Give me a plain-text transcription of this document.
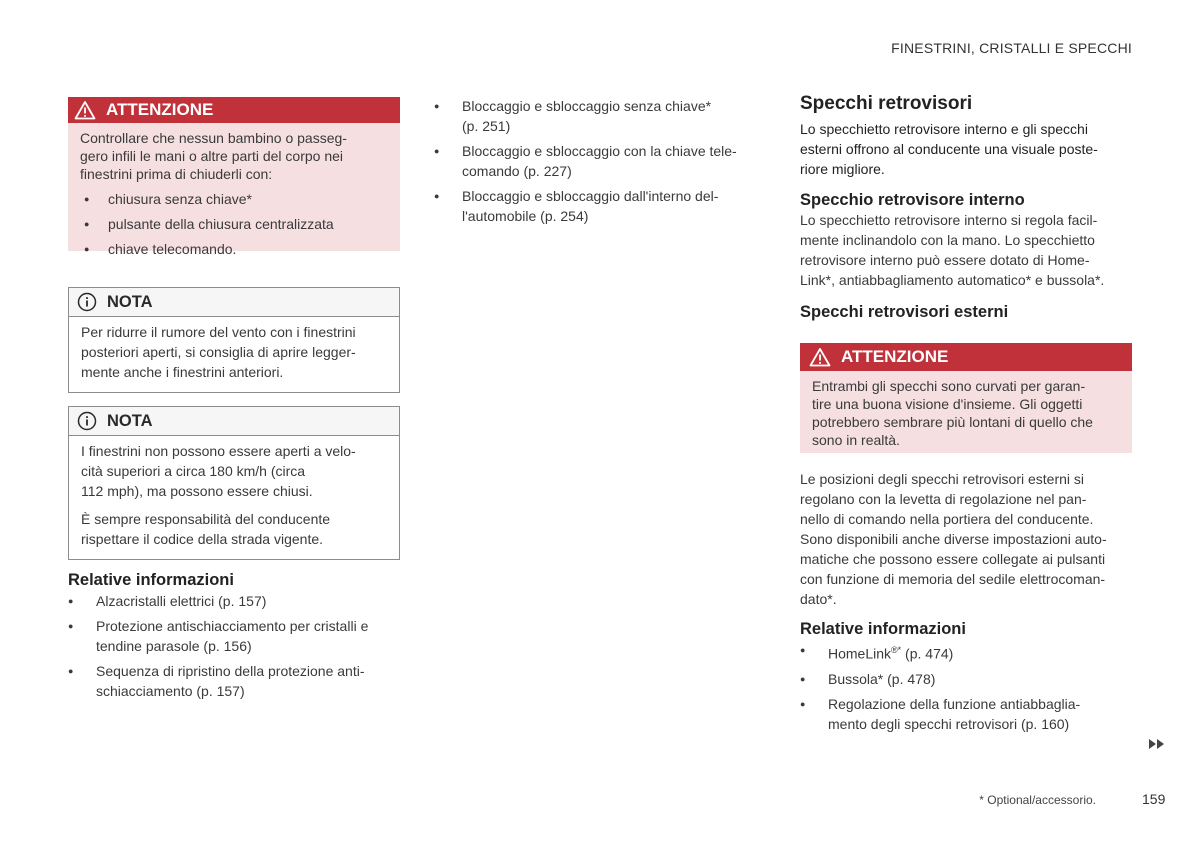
FINESTRINI, CRISTALLI E SPECCHI
ATTENZIONE
Controllare che nessun bambino o passeg-
gero infili le mani o altre parti del corpo nei
finestrini prima di chiuderli con:
● chiusura senza chiave*
● pulsante della chiusura centralizzata
● chiave telecomando.
NOTA

Per ridurre il rumore del vento con i finestrini
posteriori aperti, si consiglia di aprire legger-
mente anche i finestrini anteriori.

NOTA

I finestrini non possono essere aperti a velo-
cità superiori a circa 180 km/h (circa
112 mph), ma possono essere chiusi.

È sempre responsabilità del conducente
rispettare il codice della strada vigente.

Relative informazioni
● Alzacristalli elettrici (p. 157)
● Protezione antischiacciamento per cristalli e
tendine parasole (p. 156)
● Sequenza di ripristino della protezione anti-
schiacciamento (p. 157)
● Bloccaggio e sbloccaggio senza chiave*
(p. 251)
● Bloccaggio e sbloccaggio con la chiave tele-
comando (p. 227)
● Bloccaggio e sbloccaggio dall'interno del-
l'automobile (p. 254)
Specchi retrovisori
Lo specchietto retrovisore interno e gli specchi
esterni offrono al conducente una visuale poste-
riore migliore.
Specchio retrovisore interno
Lo specchietto retrovisore interno si regola facil-
mente inclinandolo con la mano. Lo specchietto
retrovisore interno può essere dotato di Home-
Link*, antiabbagliamento automatico* e bussola*.
Specchi retrovisori esterni
ATTENZIONE
Entrambi gli specchi sono curvati per garan-
tire una buona visione d'insieme. Gli oggetti
potrebbero sembrare più lontani di quello che
sono in realtà.
Le posizioni degli specchi retrovisori esterni si
regolano con la levetta di regolazione nel pan-
nello di comando nella portiera del conducente.
Sono disponibili anche diverse impostazioni auto-
matiche che possono essere collegate ai pulsanti
con funzione di memoria del sedile elettrocoman-
dato*.
Relative informazioni
● HomeLink®* (p. 474)
● Bussola* (p. 478)
● Regolazione della funzione antiabbaglia-
mento degli specchi retrovisori (p. 160)
* Optional/accessorio.	159
